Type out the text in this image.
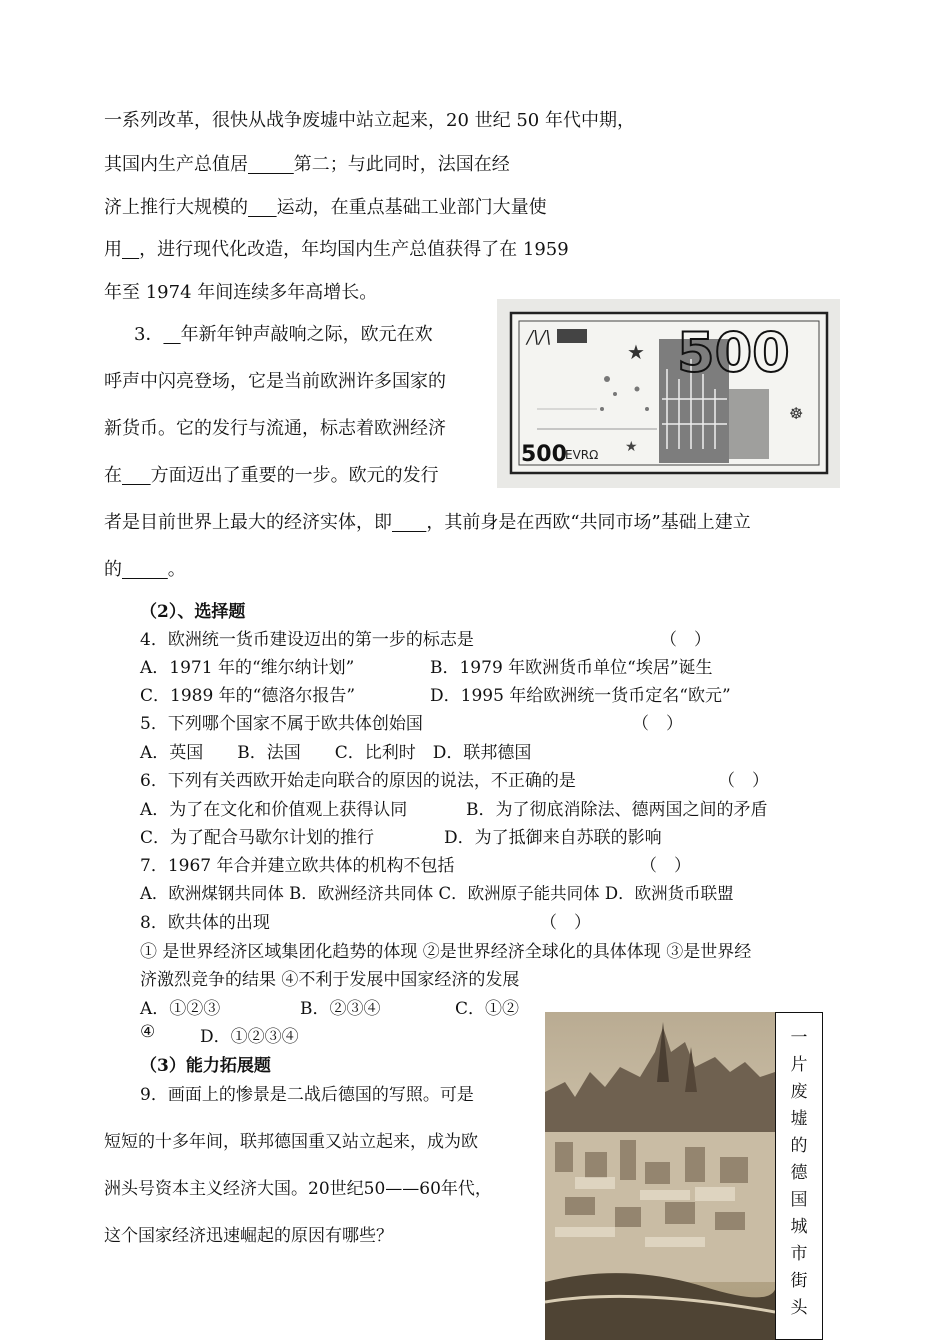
一系列改革，很快从战争废墟中站立起来，20 世纪 50 年代中期，
其国内生产总值居	第二；与此同时，法国在经
济上推行大规模的 运动，在重点基础工业部门大量使
用 ，进行现代化改造，年均国内生产总值获得了在 1959
年至 1974 年间连续多年高增长。
3． 年新年钟声敲响之际，欧元在欢
呼声中闪亮登场，它是当前欧洲许多国家的
新货币。它的发行与流通，标志着欧洲经济
在 方面迈出了重要的一步。欧元的发行
者是目前世界上最大的经济实体，即 ，其前身是在西欧“共同市场”基础上建立
的	。
/\/\
★
★
☸
500
500
EVRΩ
（2）、选择题
4．欧洲统一货币建设迈出的第一步的标志是	（　）
A．1971 年的“维尔纳计划”	B．1979 年欧洲货币单位“埃居”诞生
C．1989 年的“德洛尔报告”	D．1995 年给欧洲统一货币定名“欧元”
5．下列哪个国家不属于欧共体创始国	（　）
A．英国　　B．法国　　C．比利时　D．联邦德国
6．下列有关西欧开始走向联合的原因的说法，不正确的是	（　）
A．为了在文化和价值观上获得认同	B．为了彻底消除法、德两国之间的矛盾
C．为了配合马歇尔计划的推行	D．为了抵御来自苏联的影响
7．1967 年合并建立欧共体的机构不包括	（　）
A．欧洲煤钢共同体 B．欧洲经济共同体 C．欧洲原子能共同体 D．欧洲货币联盟
8．欧共体的出现	（　）
① 是世界经济区域集团化趋势的体现 ②是世界经济全球化的具体体现 ③是世界经
济激烈竞争的结果 ④不利于发展中国家经济的发展
A．①②③	B．②③④	C．①②
④	D．①②③④
（3）能力拓展题
9．画面上的惨景是二战后德国的写照。可是
短短的十多年间，联邦德国重又站立起来，成为欧
洲头号资本主义经济大国。20世纪50——60年代，
这个国家经济迅速崛起的原因有哪些？
一
片
废
墟
的
德
国
城
市
街
头
